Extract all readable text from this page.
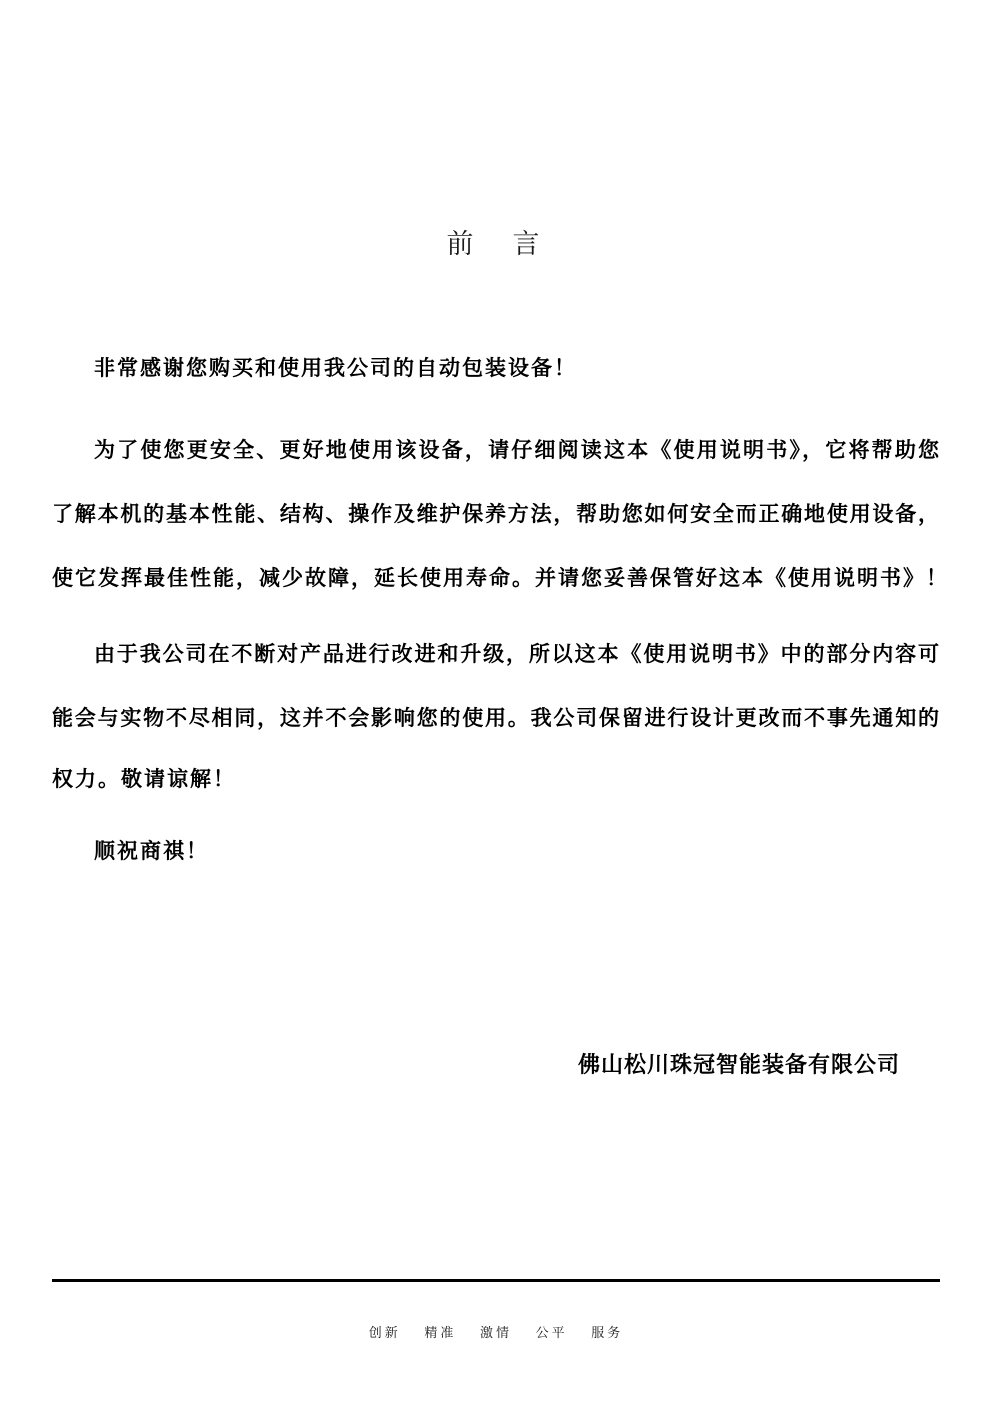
前　言
非常感谢您购买和使用我公司的自动包装设备！
为了使您更安全、更好地使用该设备，请仔细阅读这本《使用说明书》，它将帮助您
了解本机的基本性能、结构、操作及维护保养方法，帮助您如何安全而正确地使用设备，
使它发挥最佳性能，减少故障，延长使用寿命。并请您妥善保管好这本《使用说明书》！
由于我公司在不断对产品进行改进和升级，所以这本《使用说明书》中的部分内容可
能会与实物不尽相同，这并不会影响您的使用。我公司保留进行设计更改而不事先通知的
权力。敬请谅解！
顺祝商祺！
佛山松川珠冠智能装备有限公司
创新 精准 激情 公平 服务
